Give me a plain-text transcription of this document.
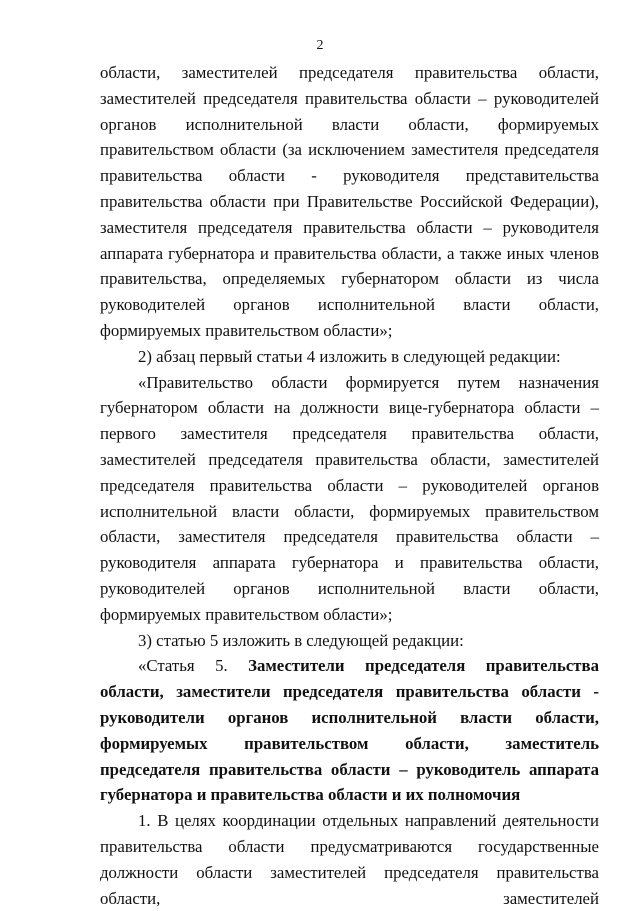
2

области, заместителей председателя правительства области, заместителей председателя правительства области – руководителей органов исполнительной власти области, формируемых правительством области (за исключением заместителя председателя правительства области - руководителя представительства правительства области при Правительстве Российской Федерации), заместителя председателя правительства области – руководителя аппарата губернатора и правительства области, а также иных членов правительства, определяемых губернатором области из числа руководителей органов исполнительной власти области, формируемых правительством области»;

2) абзац первый статьи 4 изложить в следующей редакции:

«Правительство области формируется путем назначения губернатором области на должности вице-губернатора области – первого заместителя председателя правительства области, заместителей председателя правительства области, заместителей председателя правительства области – руководителей органов исполнительной власти области, формируемых правительством области, заместителя председателя правительства области – руководителя аппарата губернатора и правительства области, руководителей органов исполнительной власти области, формируемых правительством области»;

3) статью 5 изложить в следующей редакции:

«Статья 5. Заместители председателя правительства области, заместители председателя правительства области - руководители органов исполнительной власти области, формируемых правительством области, заместитель председателя правительства области – руководитель аппарата губернатора и правительства области и их полномочия

1. В целях координации отдельных направлений деятельности правительства области предусматриваются государственные должности области заместителей председателя правительства области, заместителей
